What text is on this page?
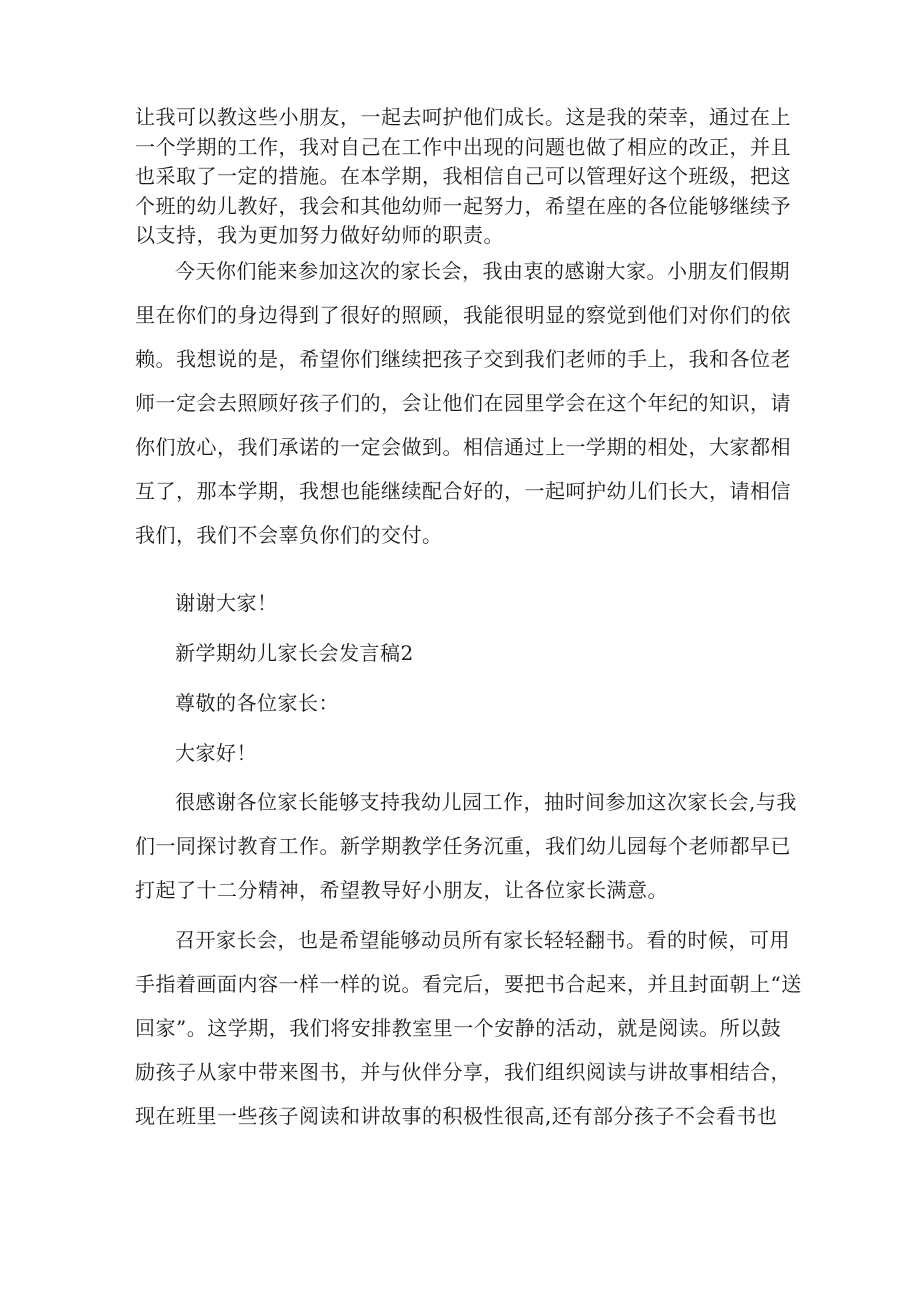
让我可以教这些小朋友，一起去呵护他们成长。这是我的荣幸，通过在上
一个学期的工作，我对自己在工作中出现的问题也做了相应的改正，并且
也采取了一定的措施。在本学期，我相信自己可以管理好这个班级，把这
个班的幼儿教好，我会和其他幼师一起努力，希望在座的各位能够继续予
以支持，我为更加努力做好幼师的职责。
今天你们能来参加这次的家长会，我由衷的感谢大家。小朋友们假期
里在你们的身边得到了很好的照顾，我能很明显的察觉到他们对你们的依
赖。我想说的是，希望你们继续把孩子交到我们老师的手上，我和各位老
师一定会去照顾好孩子们的，会让他们在园里学会在这个年纪的知识，请
你们放心，我们承诺的一定会做到。相信通过上一学期的相处，大家都相
互了，那本学期，我想也能继续配合好的，一起呵护幼儿们长大，请相信
我们，我们不会辜负你们的交付。
谢谢大家！
新学期幼儿家长会发言稿2
尊敬的各位家长：
大家好！
很感谢各位家长能够支持我幼儿园工作，抽时间参加这次家长会,与我
们一同探讨教育工作。新学期教学任务沉重，我们幼儿园每个老师都早已
打起了十二分精神，希望教导好小朋友，让各位家长满意。
召开家长会，也是希望能够动员所有家长轻轻翻书。看的时候，可用
手指着画面内容一样一样的说。看完后，要把书合起来，并且封面朝上“送
回家”。这学期，我们将安排教室里一个安静的活动，就是阅读。所以鼓
励孩子从家中带来图书，并与伙伴分享，我们组织阅读与讲故事相结合，
现在班里一些孩子阅读和讲故事的积极性很高,还有部分孩子不会看书也
